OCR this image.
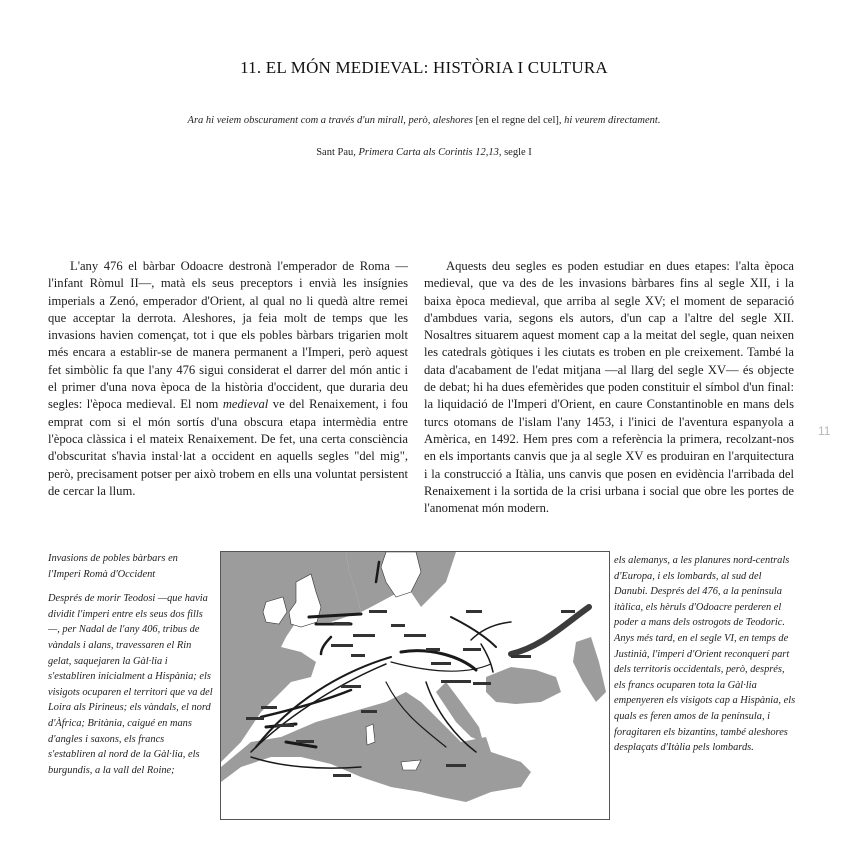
11. EL MÓN MEDIEVAL: HISTÒRIA I CULTURA
Ara hi veiem obscurament com a través d'un mirall, però, aleshores [en el regne del cel], hi veurem directament.
Sant Pau, Primera Carta als Corintis 12,13, segle I

L'any 476 el bàrbar Odoacre destronà l'emperador de Roma —l'infant Ròmul II—, matà els seus preceptors i envià les insígnies imperials a Zenó, emperador d'Orient, al qual no li quedà altre remei que acceptar la derrota. Aleshores, ja feia molt de temps que les invasions havien començat, tot i que els pobles bàrbars trigarien molt més encara a establir-se de manera permanent a l'Imperi, però aquest fet simbòlic fa que l'any 476 sigui considerat el darrer del món antic i el primer d'una nova època de la història d'occident, que duraria deu segles: l'època medieval. El nom medieval ve del Renaixement, i fou emprat com si el món sortís d'una obscura etapa intermèdia entre l'època clàssica i el mateix Renaixement. De fet, una certa consciència d'obscuritat s'havia instal·lat a occident en aquells segles "del mig", però, precisament potser per això trobem en ells una voluntat persistent de cercar la llum.

Aquests deu segles es poden estudiar en dues etapes: l'alta època medieval, que va des de les invasions bàrbares fins al segle XII, i la baixa època medieval, que arriba al segle XV; el moment de separació d'ambdues varia, segons els autors, d'un cap a l'altre del segle XII. Nosaltres situarem aquest moment cap a la meitat del segle, quan neixen les catedrals gòtiques i les ciutats es troben en ple creixement. També la data d'acabament de l'edat mitjana —al llarg del segle XV— és objecte de debat; hi ha dues efemèrides que poden constituir el símbol d'un final: la liquidació de l'Imperi d'Orient, en caure Constantinoble en mans dels turcs otomans de l'islam l'any 1453, i l'inici de l'aventura espanyola a Amèrica, en 1492. Hem pres com a referència la primera, recolzant-nos en els importants canvis que ja al segle XV es produiran en l'arquitectura i la construcció a Itàlia, uns canvis que posen en evidència l'arribada del Renaixement i la sortida de la crisi urbana i social que obre les portes de l'anomenat món modern.

11

Invasions de pobles bàrbars en l'Imperi Romà d'Occident

Després de morir Teodosi —que havia dividit l'imperi entre els seus dos fills—, per Nadal de l'any 406, tribus de vàndals i alans, travessaren el Rin gelat, saquejaren la Gàl·lia i s'establiren inicialment a Hispània; els visigots ocuparen el territori que va del Loira als Pirineus; els vàndals, el nord d'Àfrica; Britània, caigué en mans d'angles i saxons, els francs s'establiren al nord de la Gàl·lia, els burgundis, a la vall del Roine;

els alemanys, a les planures nord-centrals d'Europa, i els lombards, al sud del Danubi. Després del 476, a la península itàlica, els hèruls d'Odoacre perderen el poder a mans dels ostrogots de Teodoric. Anys més tard, en el segle VI, en temps de Justinià, l'imperi d'Orient reconquerí part dels territoris occidentals, però, després, els francs ocuparen tota la Gàl·lia empenyeren els visigots cap a Hispània, els quals es feren amos de la península, i foragitaren els bizantins, també aleshores desplaçats d'Itàlia pels lombards.
